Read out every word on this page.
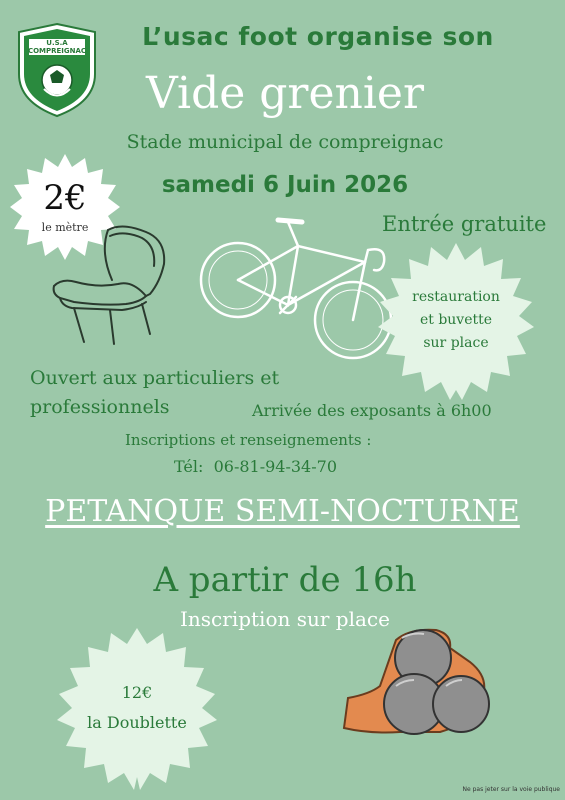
U.S.A
COMPREIGNAC	L’usac foot organise son
Vide grenier
Stade municipal de compreignac
samedi 6 Juin 2026
Entrée gratuite
2€
le mètre
restauration
et buvette
sur place
Ouvert aux particuliers et
professionnels	Arrivée des exposants à 6h00
Inscriptions et renseignements :
Tél:  06-81-94-34-70
PETANQUE SEMI-NOCTURNE
A partir de 16h
Inscription sur place
12€
la Doublette
Ne pas jeter sur la voie publique
